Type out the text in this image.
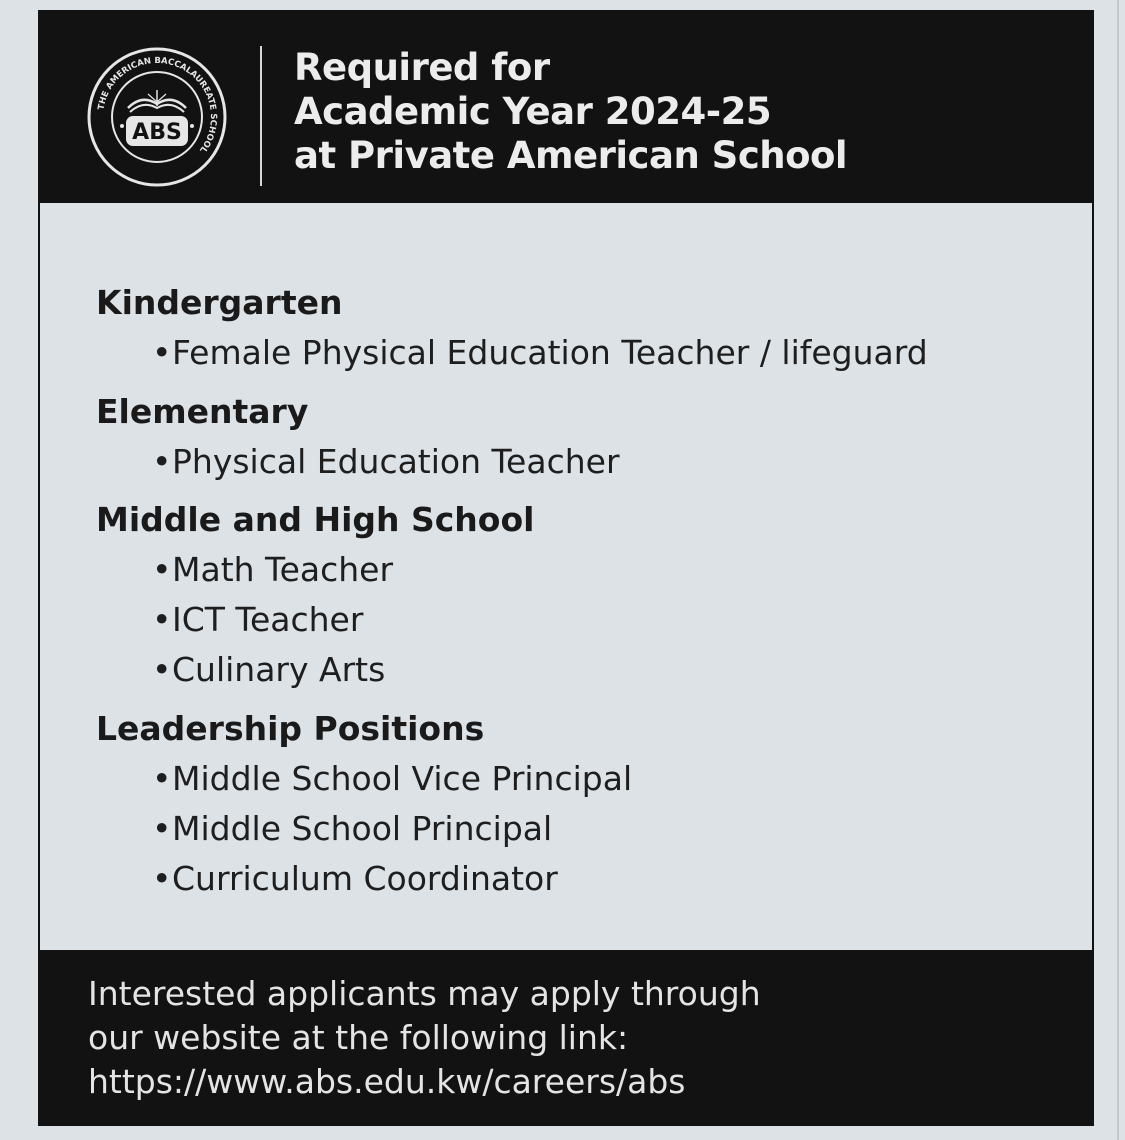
THE AMERICAN BACCALAUREATE SCHOOL
ABS
Required for
Academic Year 2024-25
at Private American School
Kindergarten
•Female Physical Education Teacher / lifeguard
Elementary
•Physical Education Teacher
Middle and High School
•Math Teacher
•ICT Teacher
•Culinary Arts
Leadership Positions
•Middle School Vice Principal
•Middle School Principal
•Curriculum Coordinator
Interested applicants may apply through
our website at the following link:
https://www.abs.edu.kw/careers/abs
